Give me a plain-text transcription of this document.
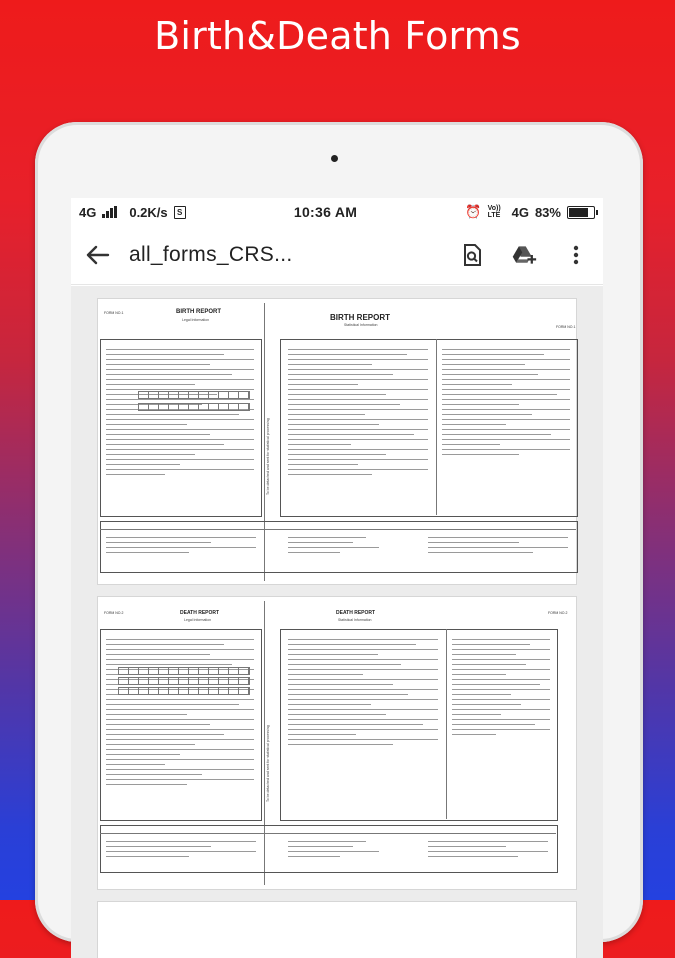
Birth&Death Forms
4G	0.2K/s	S	10:36 AM	⏰ Vo)) LTE 4G 83%
all_forms_CRS...
FORM NO.1	BIRTH REPORT
Legal Information	BIRTH REPORT
Statistical Information	FORM NO.1
To be detached and sent for statistical processing
FORM NO.2	DEATH REPORT
Legal Information
DEATH REPORT
Statistical Information
FORM NO.2
To be detached and sent for statistical processing
